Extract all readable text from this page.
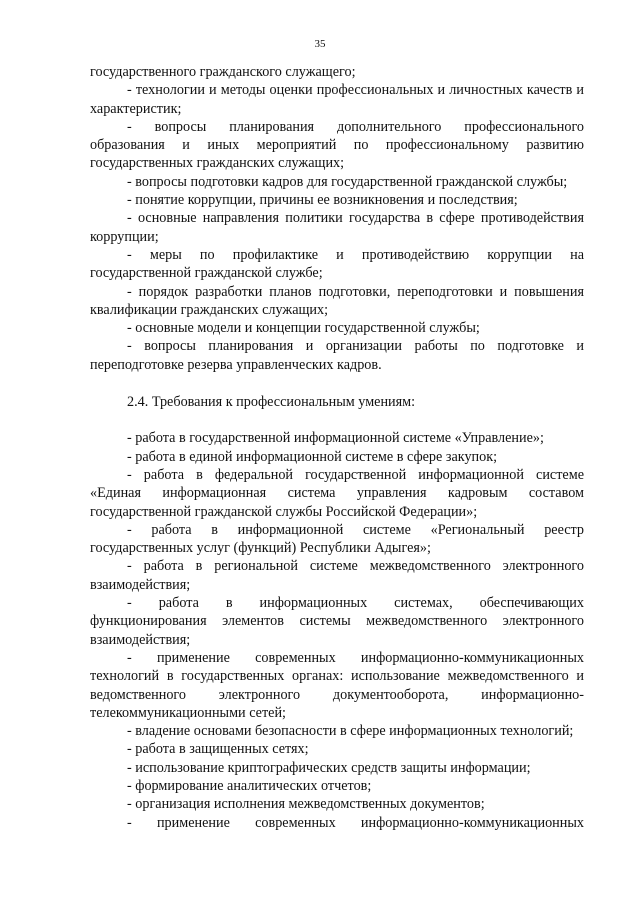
35
государственного гражданского служащего;
- технологии и методы оценки профессиональных и личностных качеств и характеристик;
- вопросы планирования дополнительного профессионального образования и иных мероприятий по профессиональному развитию государственных гражданских служащих;
- вопросы подготовки кадров для государственной гражданской службы;
- понятие коррупции, причины ее возникновения и последствия;
- основные направления политики государства в сфере противодействия коррупции;
- меры по профилактике и противодействию коррупции на государственной гражданской службе;
- порядок разработки планов подготовки, переподготовки и повышения квалификации гражданских служащих;
- основные модели и концепции государственной службы;
- вопросы планирования и организации работы по подготовке и переподготовке резерва управленческих кадров.
2.4. Требования к профессиональным умениям:
- работа в государственной информационной системе «Управление»;
- работа в единой информационной системе в сфере закупок;
- работа в федеральной государственной информационной системе «Единая информационная система управления кадровым составом государственной гражданской службы Российской Федерации»;
- работа в информационной системе «Региональный реестр государственных услуг (функций) Республики Адыгея»;
- работа в региональной системе межведомственного электронного взаимодействия;
- работа в информационных системах, обеспечивающих функционирования элементов системы межведомственного электронного взаимодействия;
- применение современных информационно-коммуникационных технологий в государственных органах: использование межведомственного и ведомственного электронного документооборота, информационно-телекоммуникационными сетей;
- владение основами безопасности в сфере информационных технологий;
- работа в защищенных сетях;
- использование криптографических средств защиты информации;
- формирование аналитических отчетов;
- организация исполнения межведомственных документов;
- применение современных информационно-коммуникационных
